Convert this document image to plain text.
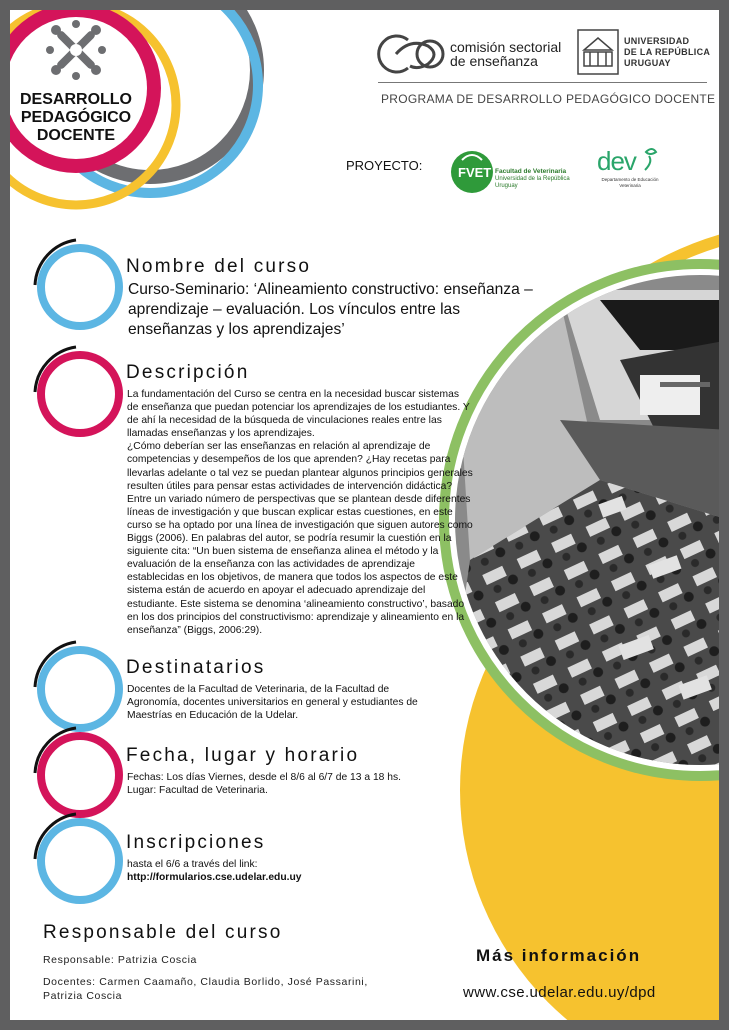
DESARROLLO
PEDAGÓGICO
DOCENTE
comisión sectorial
de enseñanza
UNIVERSIDAD
DE LA REPÚBLICA
URUGUAY
PROGRAMA DE DESARROLLO PEDAGÓGICO DOCENTE
PROYECTO:	FVET Facultad de Veterinaria
Universidad de la República
Uruguay
dev
Departamento de Educación
Veterinaria
Nombre del curso
Curso-Seminario: ‘Alineamiento constructivo: enseñanza – aprendizaje – evaluación. Los vínculos entre las enseñanzas y los aprendizajes’
Descripción
La fundamentación del Curso se centra en la necesidad buscar sistemas
de enseñanza que puedan potenciar los aprendizajes de los estudiantes. Y
de ahí la necesidad de la búsqueda de vinculaciones reales entre las
llamadas enseñanzas y los aprendizajes.
¿Cómo deberían ser las enseñanzas en relación al aprendizaje de
competencias y desempeños de los que aprenden? ¿Hay recetas para
llevarlas adelante o tal vez se puedan plantear algunos principios generales
resulten útiles para pensar estas actividades de intervención didáctica?
Entre un variado número de perspectivas que se plantean desde diferentes
líneas de investigación y que buscan explicar estas cuestiones, en este
curso se ha optado por una línea de investigación que siguen autores como
Biggs (2006). En palabras del autor, se podría resumir la cuestión en la
siguiente cita: “Un buen sistema de enseñanza alinea el método y la
evaluación de la enseñanza con las actividades de aprendizaje
establecidas en los objetivos, de manera que todos los aspectos de este
sistema están de acuerdo en apoyar el adecuado aprendizaje del
estudiante. Este sistema se denomina ‘alineamiento constructivo’, basado
en los dos principios del constructivismo: aprendizaje y alineamiento en la
enseñanza” (Biggs, 2006:29).
Destinatarios
Docentes de la Facultad de Veterinaria, de la Facultad de
Agronomía, docentes universitarios en general y estudiantes de
Maestrías en Educación de la Udelar.
Fecha, lugar y horario
Fechas: Los días Viernes, desde el 8/6 al 6/7 de 13 a 18 hs.
Lugar: Facultad de Veterinaria.
Inscripciones
hasta el 6/6 a través del link:
http://formularios.cse.udelar.edu.uy
Responsable del curso
Responsable: Patrizia Coscia
Docentes: Carmen Caamaño, Claudia Borlido, José Passarini,
Patrizia Coscia
Más información
www.cse.udelar.edu.uy/dpd
